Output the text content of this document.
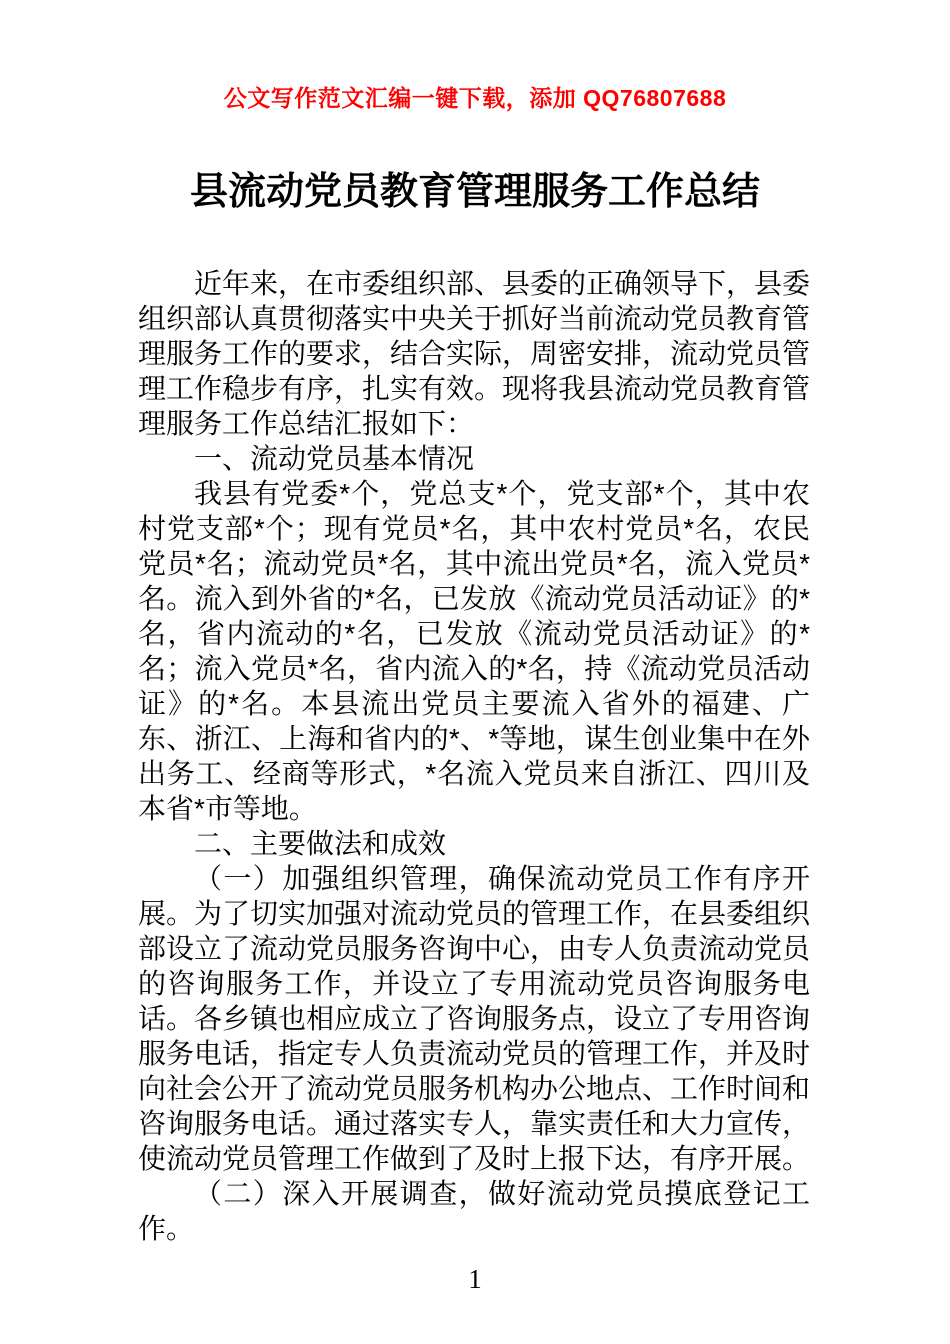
公文写作范文汇编一键下载，添加 QQ76807688
县流动党员教育管理服务工作总结

近年来，在市委组织部、县委的正确领导下，县委组织部认真贯彻落实中央关于抓好当前流动党员教育管理服务工作的要求，结合实际，周密安排，流动党员管理工作稳步有序，扎实有效。现将我县流动党员教育管理服务工作总结汇报如下：

一、流动党员基本情况

我县有党委*个，党总支*个，党支部*个，其中农村党支部*个；现有党员*名，其中农村党员*名，农民党员*名；流动党员*名，其中流出党员*名，流入党员*名。流入到外省的*名，已发放《流动党员活动证》的*名，省内流动的*名，已发放《流动党员活动证》的*名；流入党员*名，省内流入的*名，持《流动党员活动证》的*名。本县流出党员主要流入省外的福建、广东、浙江、上海和省内的*、*等地，谋生创业集中在外出务工、经商等形式，*名流入党员来自浙江、四川及本省*市等地。

二、主要做法和成效

（一）加强组织管理，确保流动党员工作有序开展。为了切实加强对流动党员的管理工作，在县委组织部设立了流动党员服务咨询中心，由专人负责流动党员的咨询服务工作，并设立了专用流动党员咨询服务电话。各乡镇也相应成立了咨询服务点，设立了专用咨询服务电话，指定专人负责流动党员的管理工作，并及时向社会公开了流动党员服务机构办公地点、工作时间和咨询服务电话。通过落实专人，靠实责任和大力宣传，使流动党员管理工作做到了及时上报下达，有序开展。

（二）深入开展调查，做好流动党员摸底登记工作。

1
